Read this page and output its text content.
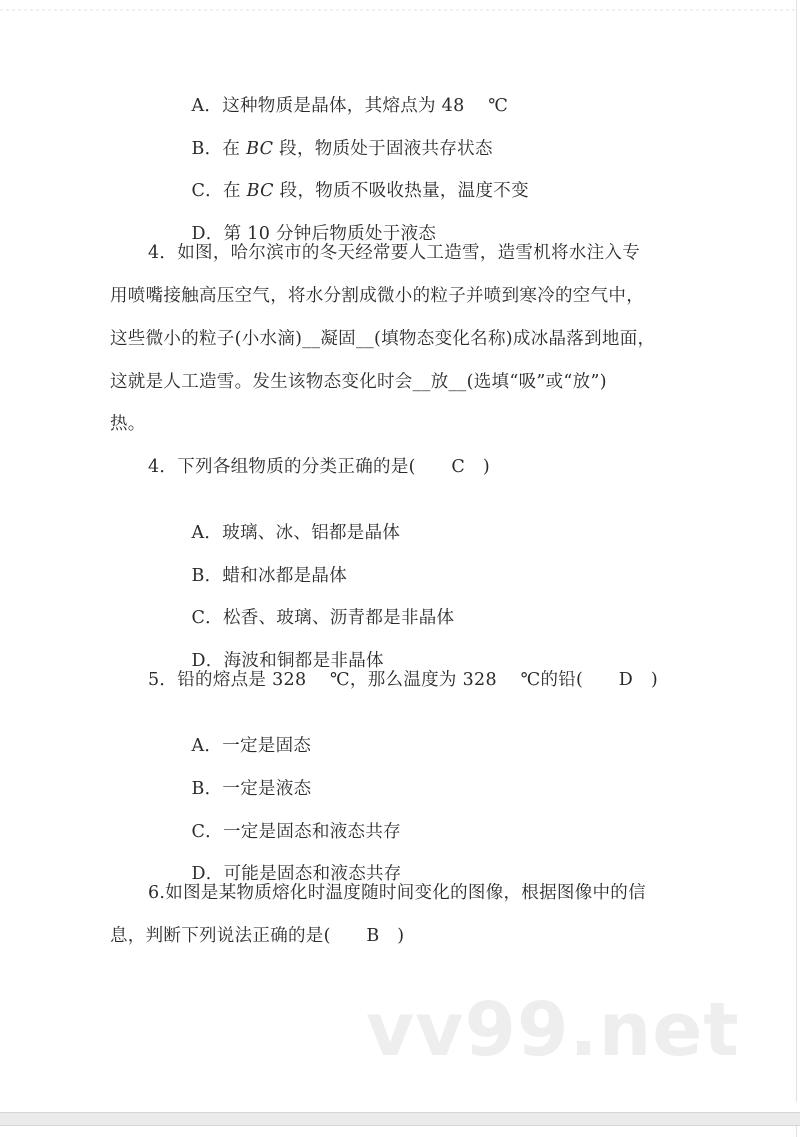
A．这种物质是晶体，其熔点为 48　 ℃

B．在 BC 段，物质处于固液共存状态

C．在 BC 段，物质不吸收热量，温度不变

D．第 10 分钟后物质处于液态

4．如图，哈尔滨市的冬天经常要人工造雪，造雪机将水注入专
用喷嘴接触高压空气，将水分割成微小的粒子并喷到寒冷的空气中，
这些微小的粒子(小水滴)__凝固__(填物态变化名称)成冰晶落到地面，
这就是人工造雪。发生该物态变化时会__放__(选填“吸”或“放”)
热。
4．下列各组物质的分类正确的是(　　C　)

A．玻璃、冰、铝都是晶体

B．蜡和冰都是晶体

C．松香、玻璃、沥青都是非晶体

D．海波和铜都是非晶体

5．铅的熔点是 328　 ℃，那么温度为 328　 ℃的铅(　　D　)

A．一定是固态

B．一定是液态

C．一定是固态和液态共存

D．可能是固态和液态共存

6.如图是某物质熔化时温度随时间变化的图像，根据图像中的信
息，判断下列说法正确的是(　　B　)
vv99.net
